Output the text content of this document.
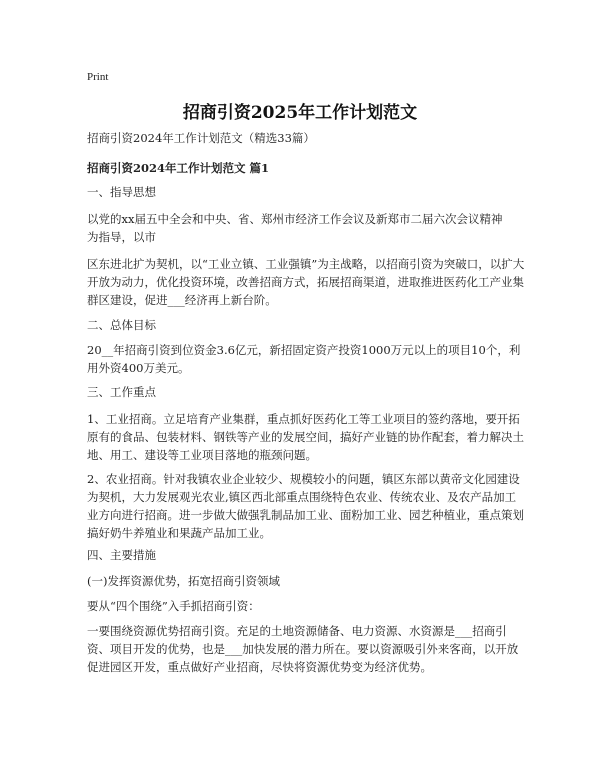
Print
招商引资2025年工作计划范文
招商引资2024年工作计划范文（精选33篇）
招商引资2024年工作计划范文 篇1
一、指导思想
以党的xx届五中全会和中央、省、郑州市经济工作会议及新郑市二届六次会议精神
为指导，以市
区东进北扩为契机，以“工业立镇、工业强镇”为主战略，以招商引资为突破口，以扩大开放为动力，优化投资环境，改善招商方式，拓展招商渠道，进取推进医药化工产业集群区建设，促进___经济再上新台阶。
二、总体目标
20__年招商引资到位资金3.6亿元，新招固定资产投资1000万元以上的项目10个，利用外资400万美元。
三、工作重点
1、工业招商。立足培育产业集群，重点抓好医药化工等工业项目的签约落地，要开拓原有的食品、包装材料、钢铁等产业的发展空间，搞好产业链的协作配套，着力解决土地、用工、建设等工业项目落地的瓶颈问题。
2、农业招商。针对我镇农业企业较少、规模较小的问题，镇区东部以黄帝文化园建设为契机，大力发展观光农业,镇区西北部重点围绕特色农业、传统农业、及农产品加工业方向进行招商。进一步做大做强乳制品加工业、面粉加工业、园艺种植业，重点策划搞好奶牛养殖业和果蔬产品加工业。
四、主要措施
(一)发挥资源优势，拓宽招商引资领域
要从“四个围绕”入手抓招商引资：
一要围绕资源优势招商引资。充足的土地资源储备、电力资源、水资源是___招商引资、项目开发的优势，也是___加快发展的潜力所在。要以资源吸引外来客商，以开放促进园区开发，重点做好产业招商，尽快将资源优势变为经济优势。
